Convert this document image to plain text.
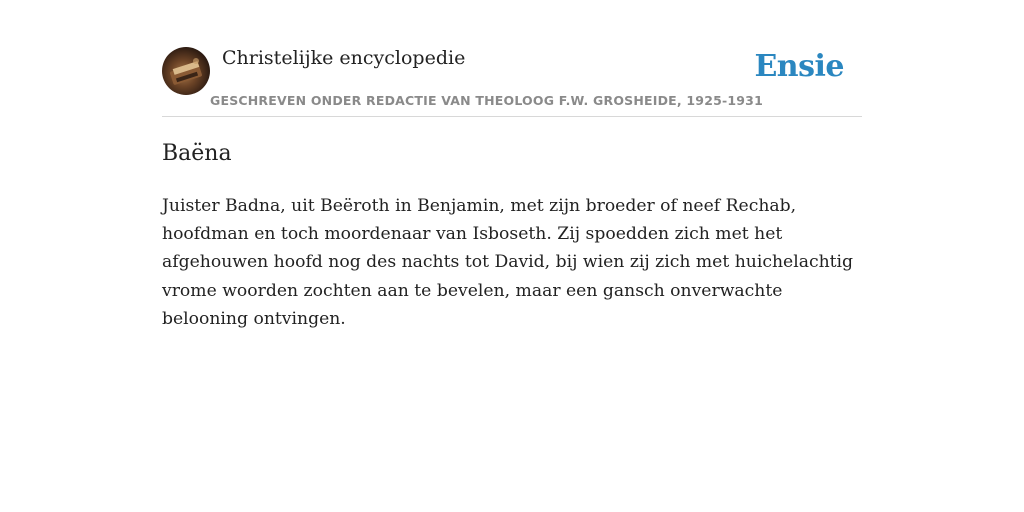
Christelijke encyclopedie
GESCHREVEN ONDER REDACTIE VAN THEOLOOG F.W. GROSHEIDE, 1925-1931
Ensie
Baëna

Juister Badna, uit Beëroth in Benjamin, met zijn broeder of neef Rechab, hoofdman en toch moordenaar van Isboseth. Zij spoedden zich met het afgehouwen hoofd nog des nachts tot David, bij wien zij zich met huichelachtig vrome woorden zochten aan te bevelen, maar een gansch onverwachte belooning ontvingen.
